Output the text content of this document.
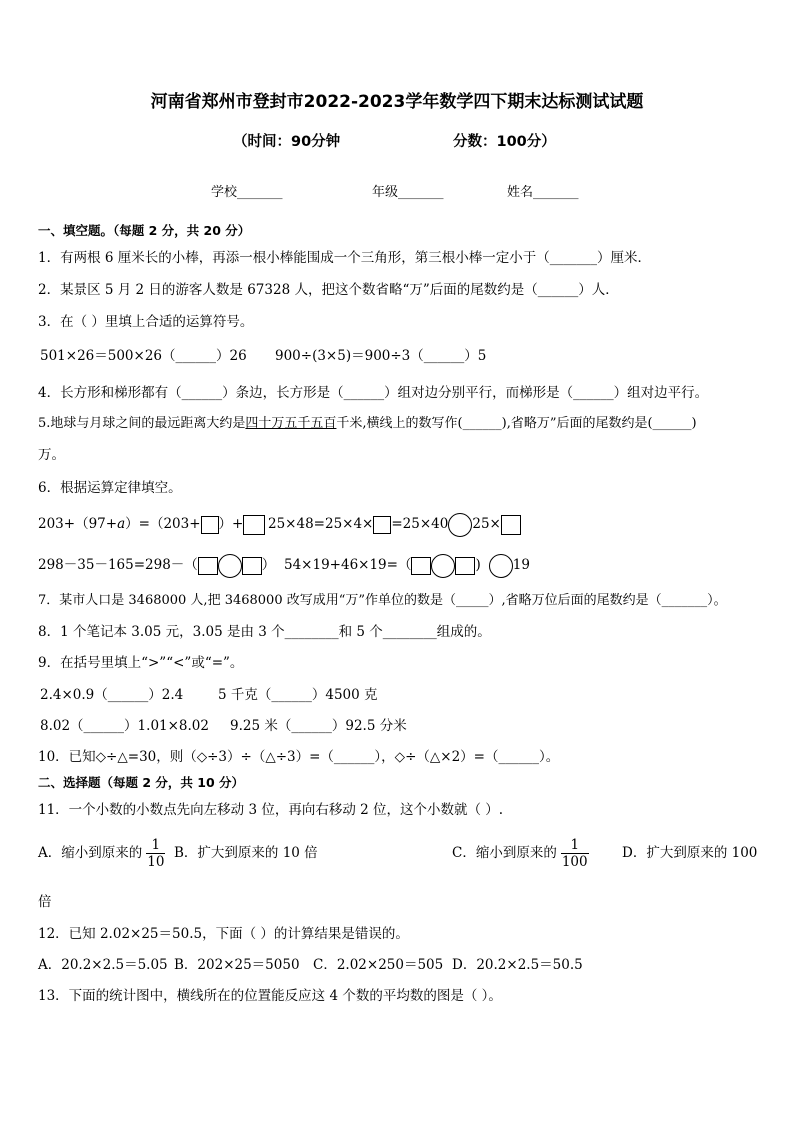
河南省郑州市登封市2022-2023学年数学四下期末达标测试试题
（时间：90分钟	分数：100分）
学校_______	年级_______	姓名_______
一、填空题。（每题 2 分，共 20 分）
1．有两根 6 厘米长的小棒，再添一根小棒能围成一个三角形，第三根小棒一定小于（_______）厘米．
2．某景区 5 月 2 日的游客人数是 67328 人，把这个数省略“万”后面的尾数约是（______）人．
3．在（ ）里填上合适的运算符号。
501×26＝500×26（______）26 900÷(3×5)＝900÷3（______）5
4．长方形和梯形都有（______）条边，长方形是（______）组对边分别平行，而梯形是（______）组对边平行。
5.地球与月球之间的最远距离大约是四十万五千五百千米,横线上的数写作(______),省略万”后面的尾数约是(______)
万。
6．根据运算定律填空。
203+（97+a）=（203+ ）+	25×48=25×4× =25×40 25×
298－35－165=298－（	） 54×19+46×19=（	) 19
7．某市人口是 3468000 人,把 3468000 改写成用“万”作单位的数是（_____）,省略万位后面的尾数约是（_______）。
8．1 个笔记本 3.05 元，3.05 是由 3 个________和 5 个________组成的。
9．在括号里填上“>”“<”或“=”。
2.4×0.9（______）2.4	5 千克（______）4500 克
8.02（______）1.01×8.02 9.25 米（______）92.5 分米
10．已知◇÷△=30，则（◇÷3）÷（△÷3）=（______），◇÷（△×2）=（______）。
二、选择题（每题 2 分，共 10 分）
11．一个小数的小数点先向左移动 3 位，再向右移动 2 位，这个小数就（ ）.
A．缩小到原来的 $\frac{1}{10}$ B．扩大到原来的 10 倍	C．缩小到原来的 $\frac{1}{100}$ D．扩大到原来的 100
倍
12．已知 2.02×25＝50.5，下面（ ）的计算结果是错误的。
A．20.2×2.5＝5.05 B．202×25＝5050 C．2.02×250＝505 D．20.2×2.5＝50.5
13．下面的统计图中，横线所在的位置能反应这 4 个数的平均数的图是（ ）。
